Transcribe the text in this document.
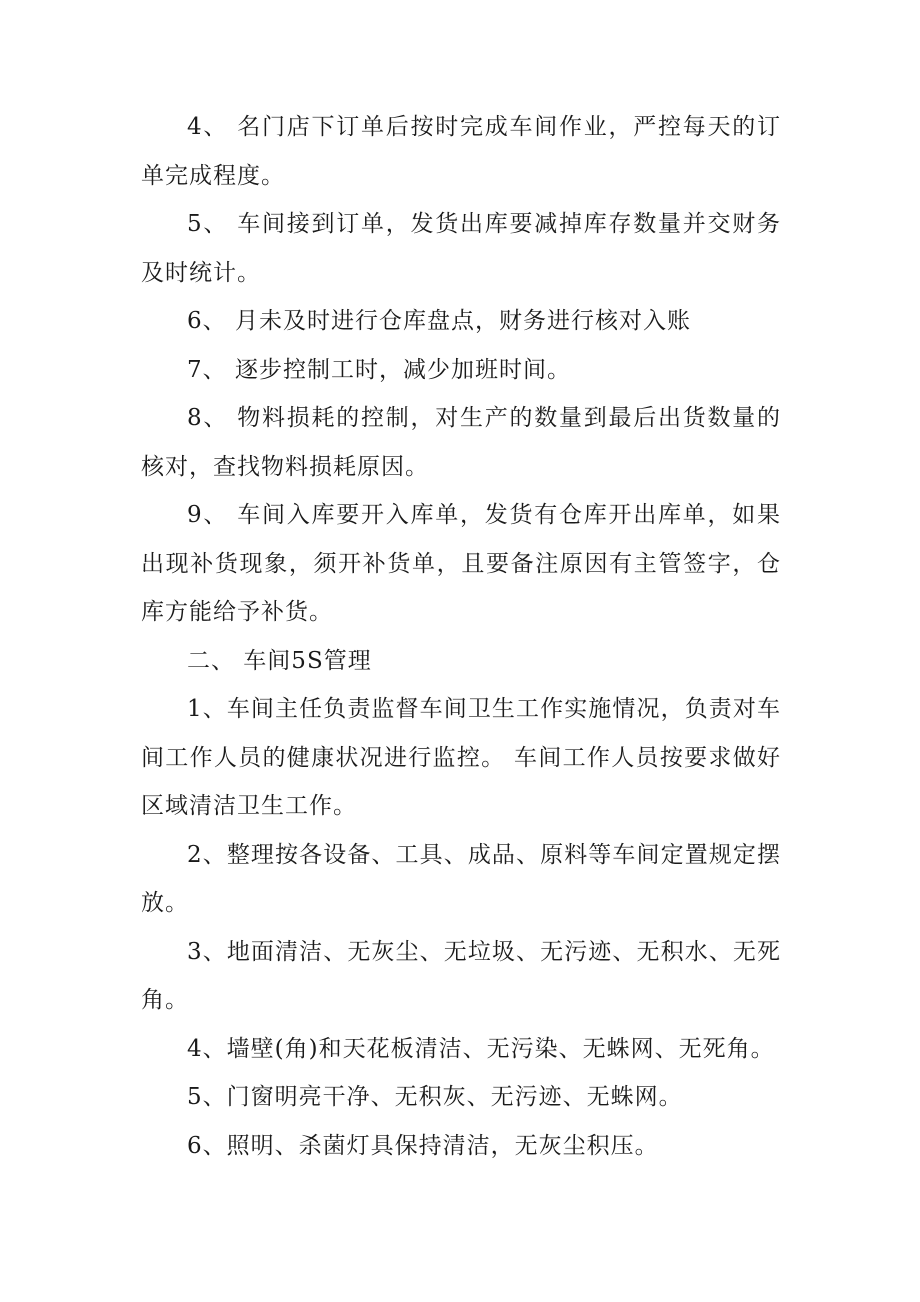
4、 名门店下订单后按时完成车间作业，严控每天的订单完成程度。

5、 车间接到订单，发货出库要减掉库存数量并交财务及时统计。

6、 月未及时进行仓库盘点，财务进行核对入账

7、 逐步控制工时，减少加班时间。

8、 物料损耗的控制，对生产的数量到最后出货数量的核对，查找物料损耗原因。

9、 车间入库要开入库单，发货有仓库开出库单，如果出现补货现象，须开补货单，且要备注原因有主管签字，仓库方能给予补货。

二、 车间5S管理

1、车间主任负责监督车间卫生工作实施情况，负责对车间工作人员的健康状况进行监控。 车间工作人员按要求做好区域清洁卫生工作。

2、整理按各设备、工具、成品、原料等车间定置规定摆放。

3、地面清洁、无灰尘、无垃圾、无污迹、无积水、无死角。

4、墙壁(角)和天花板清洁、无污染、无蛛网、无死角。

5、门窗明亮干净、无积灰、无污迹、无蛛网。

6、照明、杀菌灯具保持清洁，无灰尘积压。
